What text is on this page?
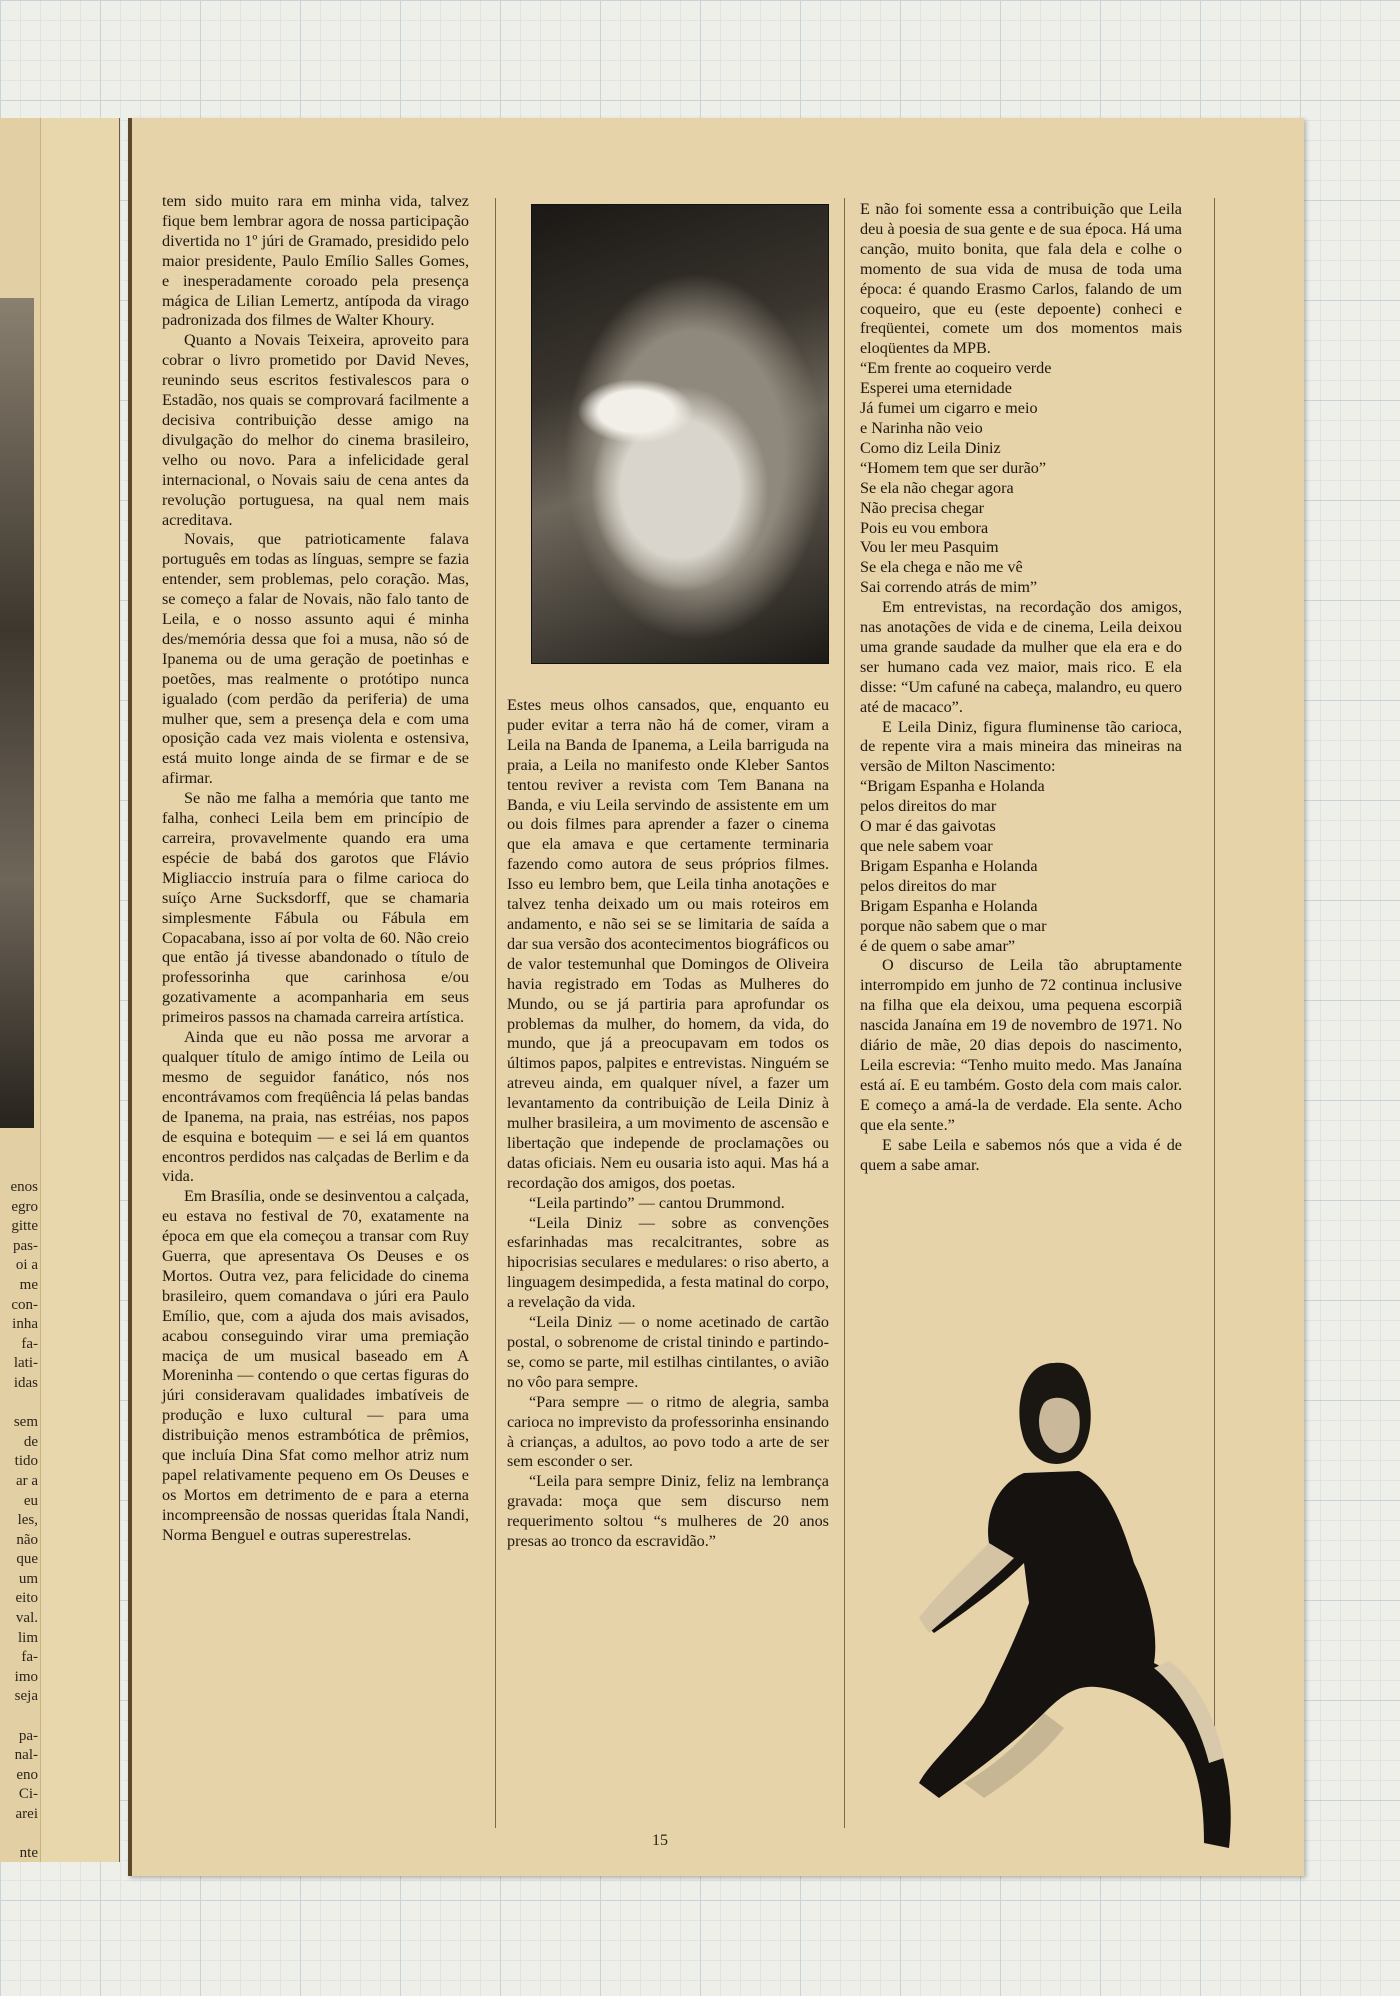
enos
egro
gitte
pas-
oi a
me
con-
inha
fa-
lati-
idas

sem
de
tido
ar a
eu
les,
não
que
um
eito
val.
lim
fa-
imo
seja

pa-
nal-
eno
Ci-
arei

nte

tem sido muito rara em minha vida, talvez fique bem lembrar agora de nossa participação divertida no 1º júri de Gramado, presidido pelo maior presidente, Paulo Emílio Salles Gomes, e inesperadamente coroado pela presença mágica de Lilian Lemertz, antípoda da virago padronizada dos filmes de Walter Khoury.

Quanto a Novais Teixeira, aproveito para cobrar o livro prometido por David Neves, reunindo seus escritos festivalescos para o Estadão, nos quais se comprovará facilmente a decisiva contribuição desse amigo na divulgação do melhor do cinema brasileiro, velho ou novo. Para a infelicidade geral internacional, o Novais saiu de cena antes da revolução portuguesa, na qual nem mais acreditava.

Novais, que patrioticamente falava português em todas as línguas, sempre se fazia entender, sem problemas, pelo coração. Mas, se começo a falar de Novais, não falo tanto de Leila, e o nosso assunto aqui é minha des/memória dessa que foi a musa, não só de Ipanema ou de uma geração de poetinhas e poetões, mas realmente o protótipo nunca igualado (com perdão da periferia) de uma mulher que, sem a presença dela e com uma oposição cada vez mais violenta e ostensiva, está muito longe ainda de se firmar e de se afirmar.

Se não me falha a memória que tanto me falha, conheci Leila bem em princípio de carreira, provavelmente quando era uma espécie de babá dos garotos que Flávio Migliaccio instruía para o filme carioca do suíço Arne Sucksdorff, que se chamaria simplesmente Fábula ou Fábula em Copacabana, isso aí por volta de 60. Não creio que então já tivesse abandonado o título de professorinha que carinhosa e/ou gozativamente a acompanharia em seus primeiros passos na chamada carreira artística.

Ainda que eu não possa me arvorar a qualquer título de amigo íntimo de Leila ou mesmo de seguidor fanático, nós nos encontrávamos com freqüência lá pelas bandas de Ipanema, na praia, nas estréias, nos papos de esquina e botequim — e sei lá em quantos encontros perdidos nas calçadas de Berlim e da vida.

Em Brasília, onde se desinventou a calçada, eu estava no festival de 70, exatamente na época em que ela começou a transar com Ruy Guerra, que apresentava Os Deuses e os Mortos. Outra vez, para felicidade do cinema brasileiro, quem comandava o júri era Paulo Emílio, que, com a ajuda dos mais avisados, acabou conseguindo virar uma premiação maciça de um musical baseado em A Moreninha — contendo o que certas figuras do júri consideravam qualidades imbatíveis de produção e luxo cultural — para uma distribuição menos estrambótica de prêmios, que incluía Dina Sfat como melhor atriz num papel relativamente pequeno em Os Deuses e os Mortos em detrimento de e para a eterna incompreensão de nossas queridas Ítala Nandi, Norma Benguel e outras superestrelas.

Estes meus olhos cansados, que, enquanto eu puder evitar a terra não há de comer, viram a Leila na Banda de Ipanema, a Leila barriguda na praia, a Leila no manifesto onde Kleber Santos tentou reviver a revista com Tem Banana na Banda, e viu Leila servindo de assistente em um ou dois filmes para aprender a fazer o cinema que ela amava e que certamente terminaria fazendo como autora de seus próprios filmes. Isso eu lembro bem, que Leila tinha anotações e talvez tenha deixado um ou mais roteiros em andamento, e não sei se se limitaria de saída a dar sua versão dos acontecimentos biográficos ou de valor testemunhal que Domingos de Oliveira havia registrado em Todas as Mulheres do Mundo, ou se já partiria para aprofundar os problemas da mulher, do homem, da vida, do mundo, que já a preocupavam em todos os últimos papos, palpites e entrevistas. Ninguém se atreveu ainda, em qualquer nível, a fazer um levantamento da contribuição de Leila Diniz à mulher brasileira, a um movimento de ascensão e libertação que independe de proclamações ou datas oficiais. Nem eu ousaria isto aqui. Mas há a recordação dos amigos, dos poetas.

“Leila partindo” — cantou Drummond.

“Leila Diniz — sobre as convenções esfarinhadas mas recalcitrantes, sobre as hipocrisias seculares e medulares: o riso aberto, a linguagem desimpedida, a festa matinal do corpo, a revelação da vida.

“Leila Diniz — o nome acetinado de cartão postal, o sobrenome de cristal tinindo e partindo-se, como se parte, mil estilhas cintilantes, o avião no vôo para sempre.

“Para sempre — o ritmo de alegria, samba carioca no imprevisto da professorinha ensinando à crianças, a adultos, ao povo todo a arte de ser sem esconder o ser.

“Leila para sempre Diniz, feliz na lembrança gravada: moça que sem discurso nem requerimento soltou “s mulheres de 20 anos presas ao tronco da escravidão.”

E não foi somente essa a contribuição que Leila deu à poesia de sua gente e de sua época. Há uma canção, muito bonita, que fala dela e colhe o momento de sua vida de musa de toda uma época: é quando Erasmo Carlos, falando de um coqueiro, que eu (este depoente) conheci e freqüentei, comete um dos momentos mais eloqüentes da MPB.

“Em frente ao coqueiro verde
Esperei uma eternidade
Já fumei um cigarro e meio
e Narinha não veio
Como diz Leila Diniz
“Homem tem que ser durão”
Se ela não chegar agora
Não precisa chegar
Pois eu vou embora
Vou ler meu Pasquim
Se ela chega e não me vê
Sai correndo atrás de mim”

Em entrevistas, na recordação dos amigos, nas anotações de vida e de cinema, Leila deixou uma grande saudade da mulher que ela era e do ser humano cada vez maior, mais rico. E ela disse: “Um cafuné na cabeça, malandro, eu quero até de macaco”.

E Leila Diniz, figura fluminense tão carioca, de repente vira a mais mineira das mineiras na versão de Milton Nascimento:

“Brigam Espanha e Holanda
pelos direitos do mar
O mar é das gaivotas
que nele sabem voar
Brigam Espanha e Holanda
pelos direitos do mar
Brigam Espanha e Holanda
porque não sabem que o mar
é de quem o sabe amar”

O discurso de Leila tão abruptamente interrompido em junho de 72 continua inclusive na filha que ela deixou, uma pequena escorpiã nascida Janaína em 19 de novembro de 1971. No diário de mãe, 20 dias depois do nascimento, Leila escrevia: “Tenho muito medo. Mas Janaína está aí. E eu também. Gosto dela com mais calor. E começo a amá-la de verdade. Ela sente. Acho que ela sente.”

E sabe Leila e sabemos nós que a vida é de quem a sabe amar.

15
